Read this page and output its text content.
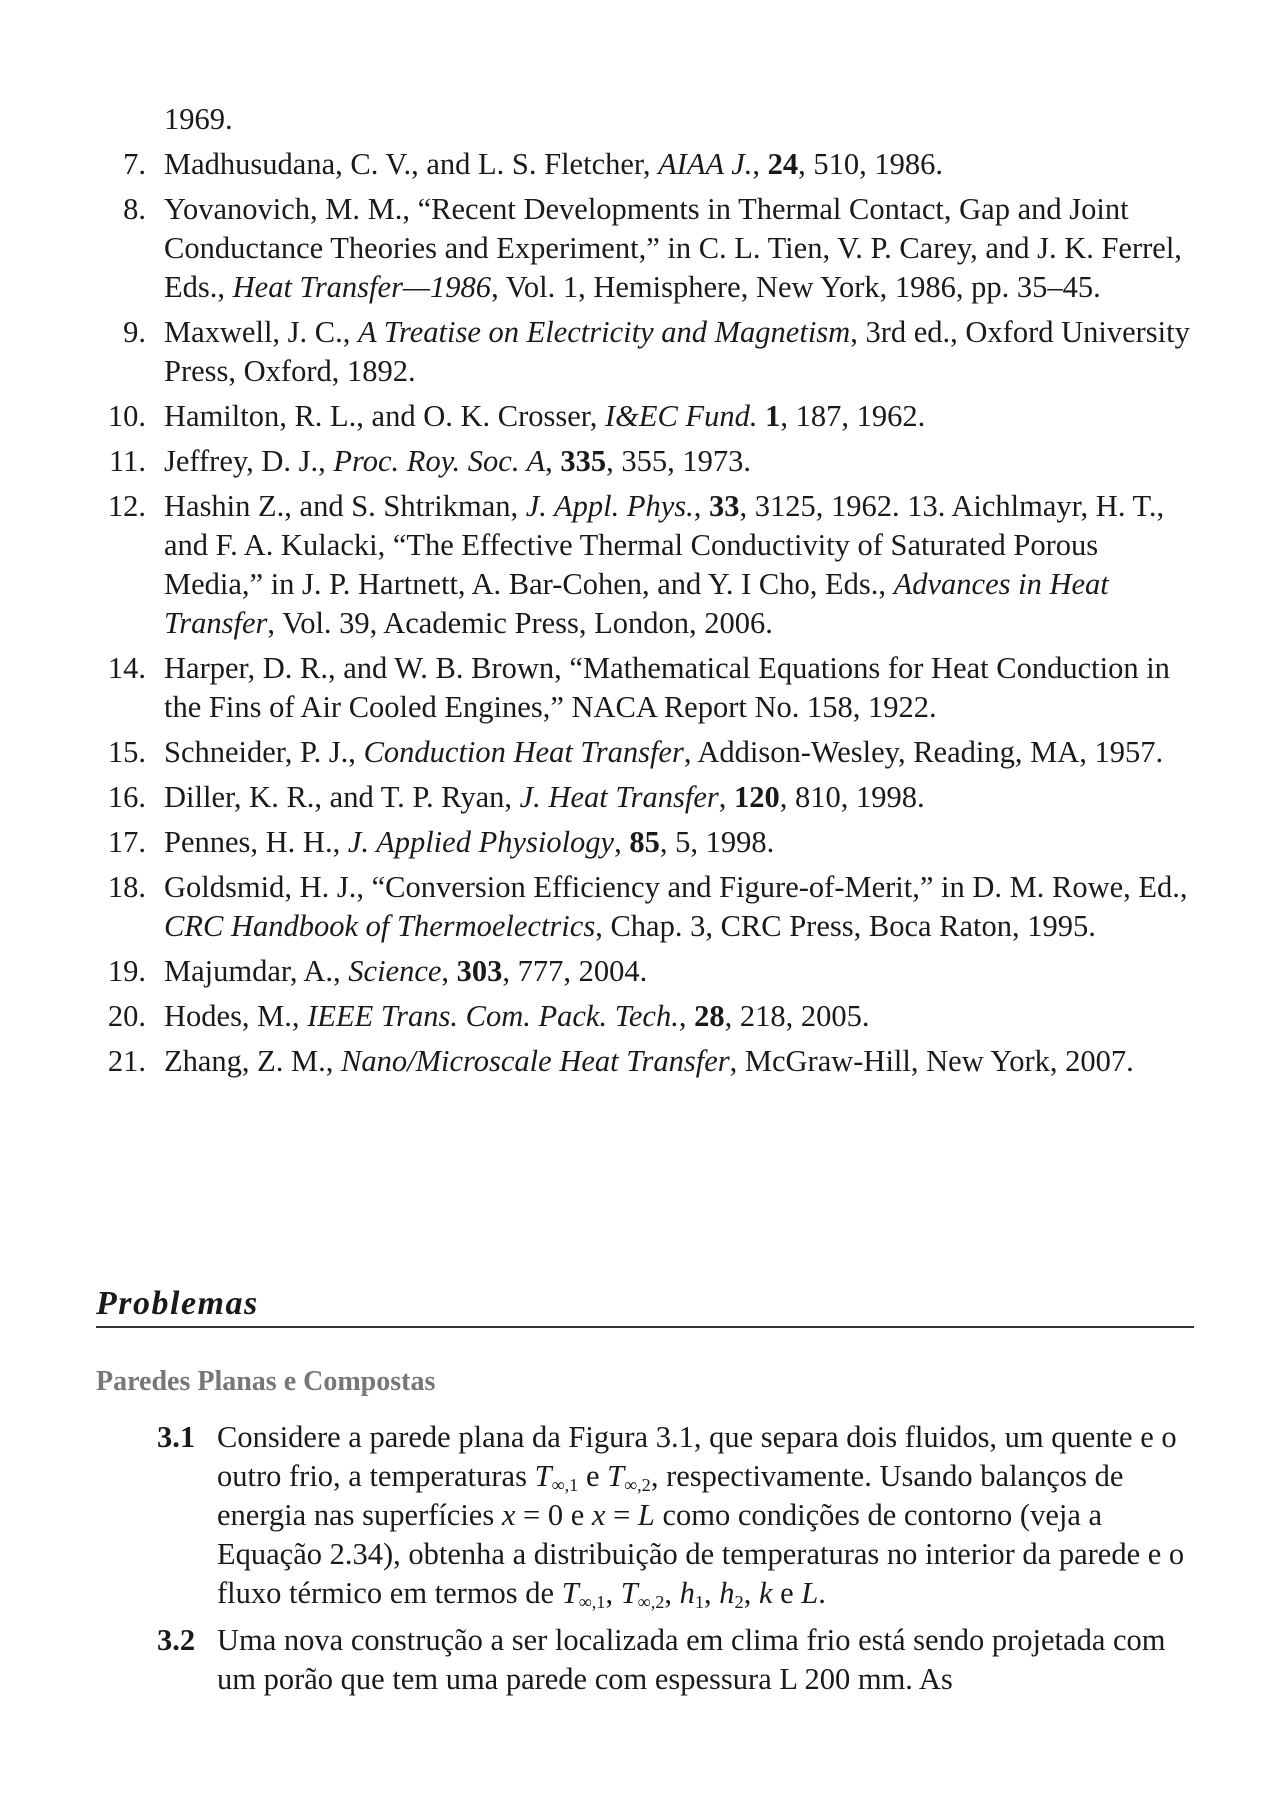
1969.
7. Madhusudana, C. V., and L. S. Fletcher, AIAA J., 24, 510, 1986.
8. Yovanovich, M. M., “Recent Developments in Thermal Contact, Gap and Joint Conductance Theories and Experiment,” in C. L. Tien, V. P. Carey, and J. K. Ferrel, Eds., Heat Transfer—1986, Vol. 1, Hemisphere, New York, 1986, pp. 35–45.
9. Maxwell, J. C., A Treatise on Electricity and Magnetism, 3rd ed., Oxford University Press, Oxford, 1892.
10. Hamilton, R. L., and O. K. Crosser, I&EC Fund. 1, 187, 1962.
11. Jeffrey, D. J., Proc. Roy. Soc. A, 335, 355, 1973.
12. Hashin Z., and S. Shtrikman, J. Appl. Phys., 33, 3125, 1962. 13. Aichlmayr, H. T., and F. A. Kulacki, “The Effective Thermal Conductivity of Saturated Porous Media,” in J. P. Hartnett, A. Bar-Cohen, and Y. I Cho, Eds., Advances in Heat Transfer, Vol. 39, Academic Press, London, 2006.
14. Harper, D. R., and W. B. Brown, “Mathematical Equations for Heat Conduction in the Fins of Air Cooled Engines,” NACA Report No. 158, 1922.
15. Schneider, P. J., Conduction Heat Transfer, Addison-Wesley, Reading, MA, 1957.
16. Diller, K. R., and T. P. Ryan, J. Heat Transfer, 120, 810, 1998.
17. Pennes, H. H., J. Applied Physiology, 85, 5, 1998.
18. Goldsmid, H. J., “Conversion Efficiency and Figure-of-Merit,” in D. M. Rowe, Ed., CRC Handbook of Thermoelectrics, Chap. 3, CRC Press, Boca Raton, 1995.
19. Majumdar, A., Science, 303, 777, 2004.
20. Hodes, M., IEEE Trans. Com. Pack. Tech., 28, 218, 2005.
21. Zhang, Z. M., Nano/Microscale Heat Transfer, McGraw-Hill, New York, 2007.
Problemas
Paredes Planas e Compostas
3.1 Considere a parede plana da Figura 3.1, que separa dois fluidos, um quente e o outro frio, a temperaturas $T_{\infty,1}$ e $T_{\infty,2}$, respectivamente. Usando balanços de energia nas superfícies x = 0 e x = L como condições de contorno (veja a Equação 2.34), obtenha a distribuição de temperaturas no interior da parede e o fluxo térmico em termos de $T_{\infty,1}$, $T_{\infty,2}$, $h_1$, $h_2$, k e L.
3.2 Uma nova construção a ser localizada em clima frio está sendo projetada com um porão que tem uma parede com espessura L 200 mm. As
